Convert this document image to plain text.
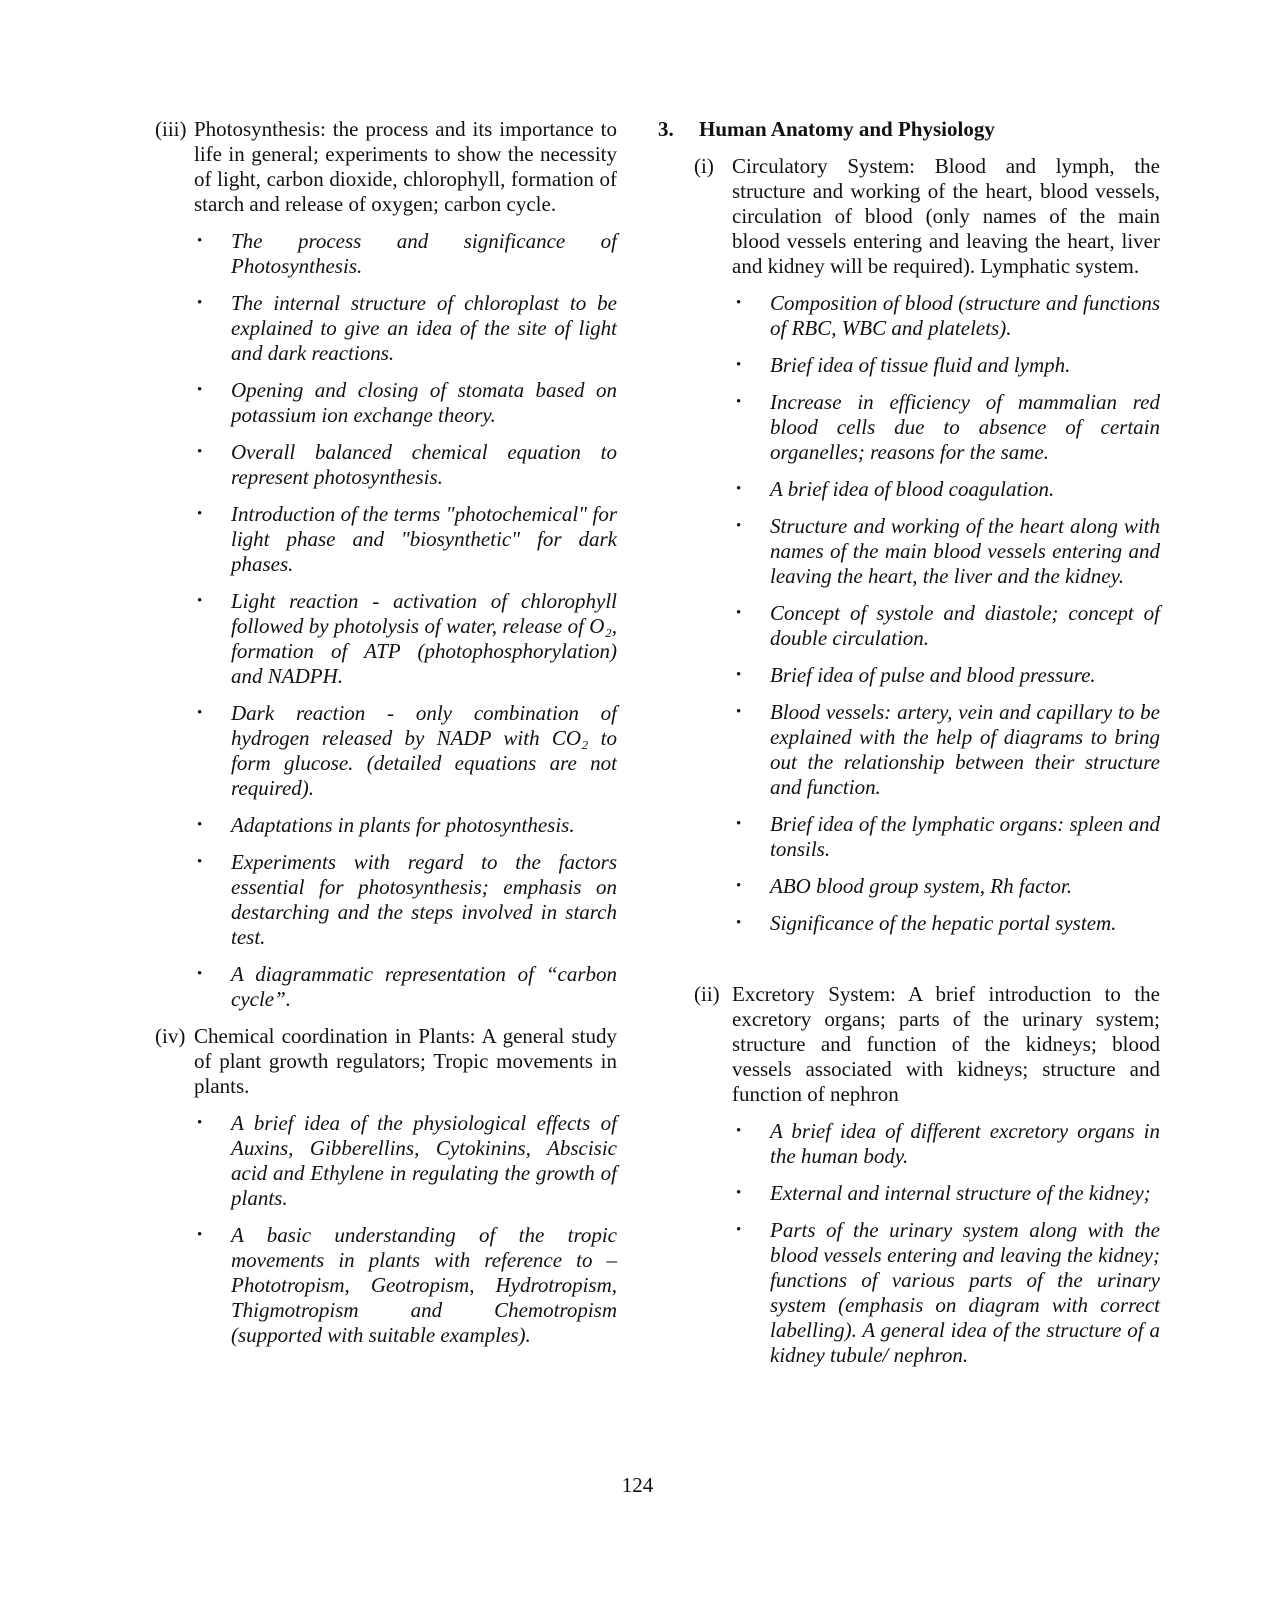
(iii) Photosynthesis: the process and its importance to life in general; experiments to show the necessity of light, carbon dioxide, chlorophyll, formation of starch and release of oxygen; carbon cycle.
• The process and significance of Photosynthesis.
• The internal structure of chloroplast to be explained to give an idea of the site of light and dark reactions.
• Opening and closing of stomata based on potassium ion exchange theory.
• Overall balanced chemical equation to represent photosynthesis.
• Introduction of the terms "photochemical" for light phase and "biosynthetic" for dark phases.
• Light reaction - activation of chlorophyll followed by photolysis of water, release of O₂, formation of ATP (photophosphorylation) and NADPH.
• Dark reaction - only combination of hydrogen released by NADP with CO₂ to form glucose. (detailed equations are not required).
• Adaptations in plants for photosynthesis.
• Experiments with regard to the factors essential for photosynthesis; emphasis on destarching and the steps involved in starch test.
• A diagrammatic representation of “carbon cycle”.
(iv) Chemical coordination in Plants: A general study of plant growth regulators; Tropic movements in plants.
• A brief idea of the physiological effects of Auxins, Gibberellins, Cytokinins, Abscisic acid and Ethylene in regulating the growth of plants.
• A basic understanding of the tropic movements in plants with reference to – Phototropism, Geotropism, Hydrotropism, Thigmotropism and Chemotropism (supported with suitable examples).
3. Human Anatomy and Physiology
(i) Circulatory System: Blood and lymph, the structure and working of the heart, blood vessels, circulation of blood (only names of the main blood vessels entering and leaving the heart, liver and kidney will be required). Lymphatic system.
• Composition of blood (structure and functions of RBC, WBC and platelets).
• Brief idea of tissue fluid and lymph.
• Increase in efficiency of mammalian red blood cells due to absence of certain organelles; reasons for the same.
• A brief idea of blood coagulation.
• Structure and working of the heart along with names of the main blood vessels entering and leaving the heart, the liver and the kidney.
• Concept of systole and diastole; concept of double circulation.
• Brief idea of pulse and blood pressure.
• Blood vessels: artery, vein and capillary to be explained with the help of diagrams to bring out the relationship between their structure and function.
• Brief idea of the lymphatic organs: spleen and tonsils.
• ABO blood group system, Rh factor.
• Significance of the hepatic portal system.
(ii) Excretory System: A brief introduction to the excretory organs; parts of the urinary system; structure and function of the kidneys; blood vessels associated with kidneys; structure and function of nephron
• A brief idea of different excretory organs in the human body.
• External and internal structure of the kidney;
• Parts of the urinary system along with the blood vessels entering and leaving the kidney; functions of various parts of the urinary system (emphasis on diagram with correct labelling). A general idea of the structure of a kidney tubule/ nephron.
124
